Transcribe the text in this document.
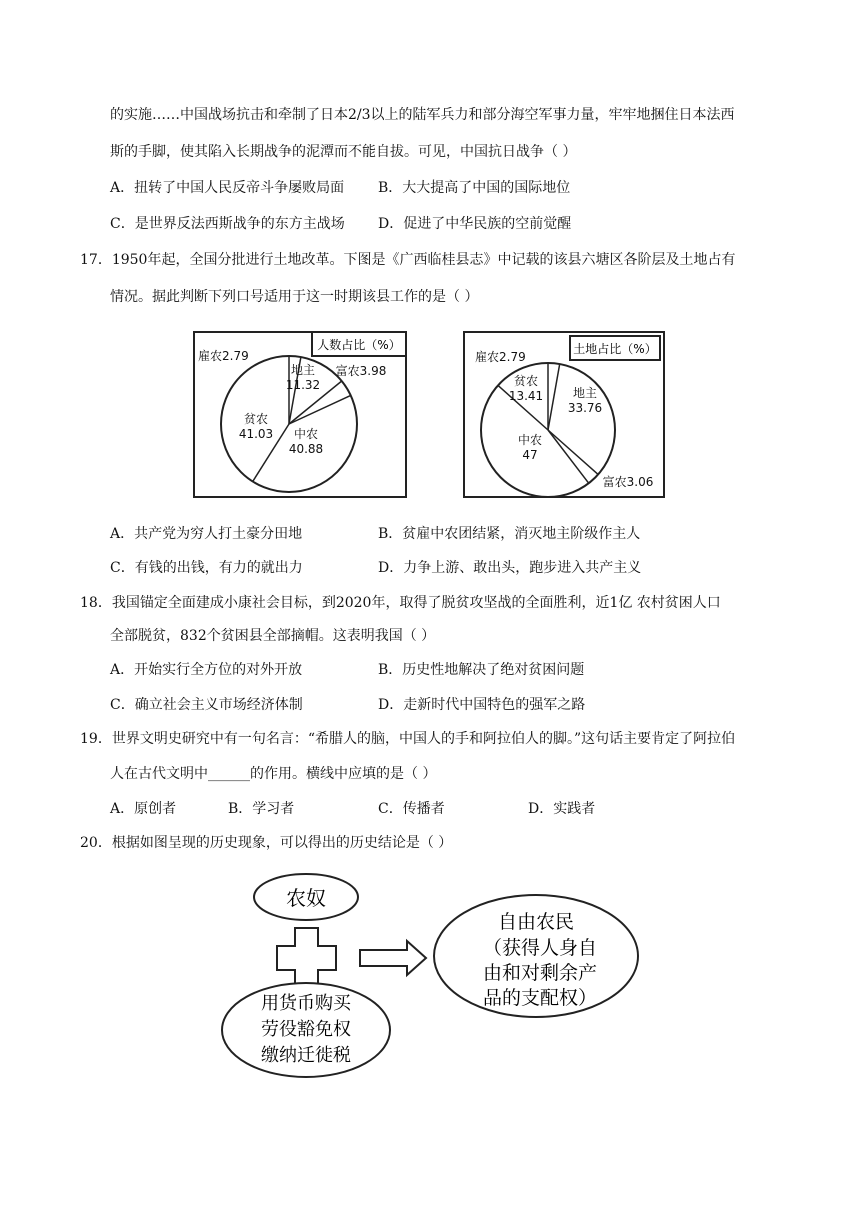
的实施……中国战场抗击和牵制了日本2/3以上的陆军兵力和部分海空军事力量，牢牢地捆住日本法西
斯的手脚，使其陷入长期战争的泥潭而不能自拔。可见，中国抗日战争（ ）
A．扭转了中国人民反帝斗争屡败局面 B．大大提高了中国的国际地位
C．是世界反法西斯战争的东方主战场 D．促进了中华民族的空前觉醒
17．1950年起，全国分批进行土地改革。下图是《广西临桂县志》中记载的该县六塘区各阶层及土地占有
情况。据此判断下列口号适用于这一时期该县工作的是（ ）
人数占比（%）
雇农2.79
地主
11.32
富农3.98
中农
40.88
贫农
41.03
土地占比（%）
雇农2.79
地主
33.76
富农3.06
中农
47
贫农
13.41
A．共产党为穷人打土豪分田地	B．贫雇中农团结紧，消灭地主阶级作主人
C．有钱的出钱，有力的就出力	D．力争上游、敢出头，跑步进入共产主义
18．我国锚定全面建成小康社会目标，到2020年，取得了脱贫攻坚战的全面胜利，近1亿 农村贫困人口
全部脱贫，832个贫困县全部摘帽。这表明我国（ ）
A．开始实行全方位的对外开放	B．历史性地解决了绝对贫困问题
C．确立社会主义市场经济体制	D．走新时代中国特色的强军之路
19．世界文明史研究中有一句名言：“希腊人的脑，中国人的手和阿拉伯人的脚。”这句话主要肯定了阿拉伯
人在古代文明中______的作用。横线中应填的是（ ）
A．原创者	B．学习者	C．传播者	D．实践者
20．根据如图呈现的历史现象，可以得出的历史结论是（ ）
农奴
用货币购买
劳役豁免权
缴纳迁徙税
自由农民
（获得人身自
由和对剩余产
品的支配权）
